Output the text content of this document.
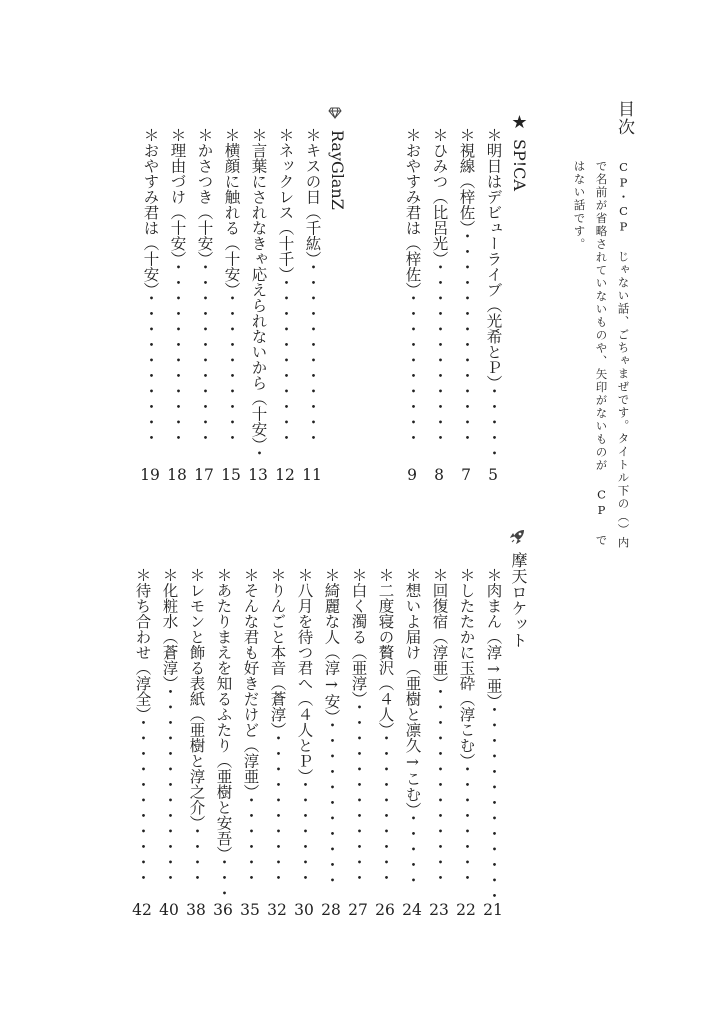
目次
CP・CP じゃない話、ごちゃまぜです。タイトル下の（）内
で名前が省略されていないものや、矢印がないものが CP で
はない話です。
★SP!CA
＊明日はデビューライブ（光希とＰ）・・・・・
＊視線（梓佐）・・・・・・・・・・・・・・
＊ひみつ（比呂光）・・・・・・・・・・・・
＊おやすみ君は（梓佐）・・・・・・・・・・
5
7
8
9
RayGlanZ
＊キスの日（千紘）・・・・・・・・・・・・
＊ネックレス（十千）・・・・・・・・・・・
＊言葉にされなきゃ応えられないから（十安）・
＊横顔に触れる（十安）・・・・・・・・・・
＊かさつき（十安）・・・・・・・・・・・・
＊理由づけ（十安）・・・・・・・・・・・・
＊おやすみ君は（十安）・・・・・・・・・・
11
12
13
15
17
18
19
摩天ロケット
＊肉まん（淳→亜）・・・・・・・・・・・・・
＊したたかに玉砕（淳こむ）・・・・・・・・
＊回復宿（淳亜）・・・・・・・・・・・・・
＊想いよ届け（亜樹と凛久→こむ）・・・・・
＊二度寝の贅沢（４人）・・・・・・・・・・
＊白く濁る（亜淳）・・・・・・・・・・・・
＊綺麗な人（淳→安）・・・・・・・・・・・
＊八月を待つ君へ（４人とＰ）・・・・・・・
＊りんごと本音（蒼淳）・・・・・・・・・・
＊そんな君も好きだけど（淳亜）・・・・・・
＊あたりまえを知るふたり（亜樹と安吾）・・・
＊レモンと飾る表紙（亜樹と淳之介）・・・・
＊化粧水（蒼淳）・・・・・・・・・・・・・
＊待ち合わせ（淳全）・・・・・・・・・・・
21
22
23
24
26
27
28
30
32
35
36
38
40
42
